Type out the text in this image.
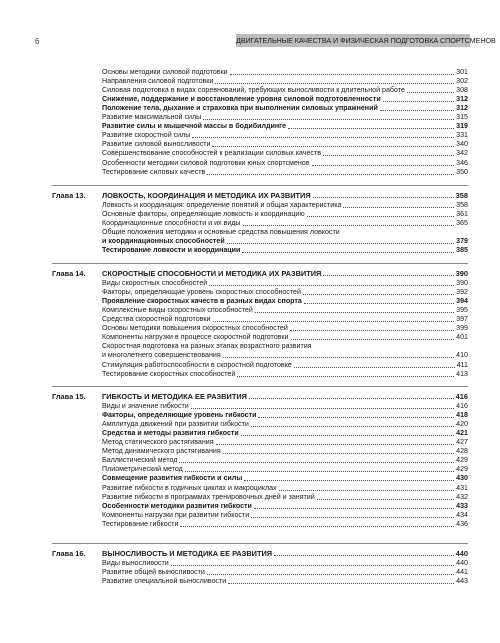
6	ДВИГАТЕЛЬНЫЕ КАЧЕСТВА И ФИЗИЧЕСКАЯ ПОДГОТОВКА СПОРТСМЕНОВ
Основы методики силовой подготовки	301
Направления силовой подготовки	302
Силовая подготовка в видах соревнований, требующих выносливости к длительной работе	308
Снижение, поддержание и восстановление уровня силовой подготовленности	312
Положение тела, дыхание и страховка при выполнении силовых упражнений	312
Развитие максимальной силы	315
Развитие силы и мышечной массы в бодибилдинге	319
Развитие скоростной силы	331
Развитие силовой выносливости	340
Совершенствование способностей к реализации силовых качеств	342
Особенности методики силовой подготовки юных спортсменов	346
Тестирование силовых качеств	350
Глава 13. ЛОВКОСТЬ, КООРДИНАЦИЯ И МЕТОДИКА ИХ РАЗВИТИЯ	358
Ловкость и координация: определение понятий и общая характеристика	358
Основные факторы, определяющие ловкость и координацию	361
Координационные способности и их виды	365
Общие положения методики и основные средства повышения ловкости
и координационных способностей	379
Тестирование ловкости и координации	385
Глава 14. СКОРОСТНЫЕ СПОСОБНОСТИ И МЕТОДИКА ИХ РАЗВИТИЯ	390
Виды скоростных способностей	390
Факторы, определяющие уровень скоростных способностей	392
Проявление скоростных качеств в разных видах спорта	394
Комплексные виды скоростных способностей	395
Средства скоростной подготовки	397
Основы методики повышения скоростных способностей	399
Компоненты нагрузки в процессе скоростной подготовки	401
Скоростная подготовка на разных этапах возрастного развития
и многолетнего совершенствования	410
Стимуляция работоспособности в скоростной подготовке	411
Тестирование скоростных способностей	413
Глава 15. ГИБКОСТЬ И МЕТОДИКА ЕЕ РАЗВИТИЯ	416
Виды и значение гибкости	416
Факторы, определяющие уровень гибкости	418
Амплитуда движений при развитии гибкости	420
Средства и методы развития гибкости	421
Метод статического растягивания	427
Метод динамического растягивания	428
Баллистический метод	429
Плиометрический метод	429
Совмещение развития гибкости и силы	430
Развитие гибкости в годичных циклах и макроциклах	431
Развитие гибкости в программах тренировочных дней и занятий	432
Особенности методики развития гибкости	433
Компоненты нагрузки при развитии гибкости	434
Тестирование гибкости	436
Глава 16. ВЫНОСЛИВОСТЬ И МЕТОДИКА ЕЕ РАЗВИТИЯ	440
Виды выносливости	440
Развитие общей выносливости	441
Развитие специальной выносливости	443
